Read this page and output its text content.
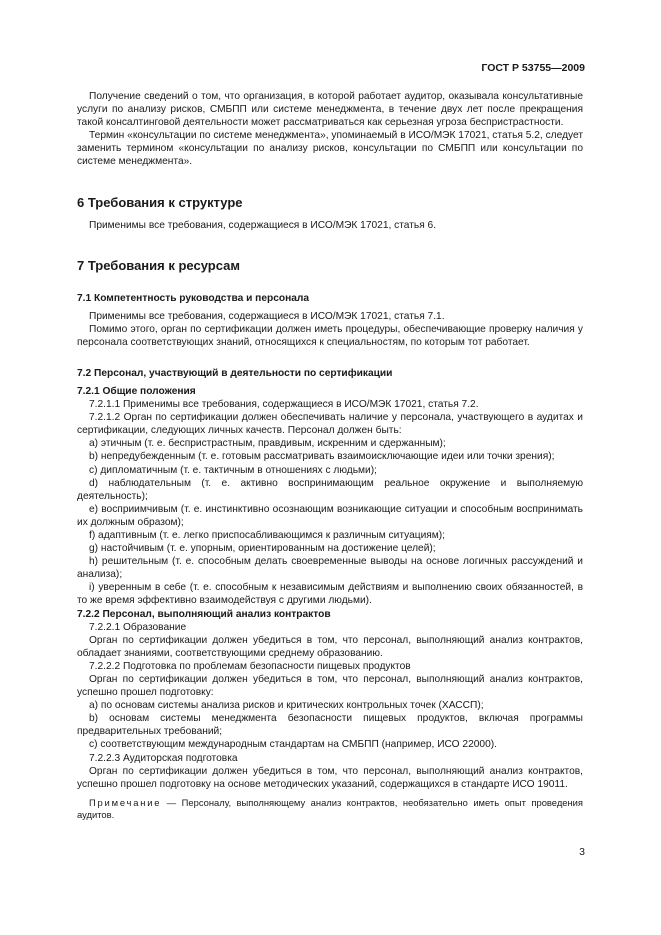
ГОСТ Р 53755—2009

Получение сведений о том, что организация, в которой работает аудитор, оказывала консультативные услуги по анализу рисков, СМБПП или системе менеджмента, в течение двух лет после прекращения такой консалтинговой деятельности может рассматриваться как серьезная угроза беспристрастности.

Термин «консультации по системе менеджмента», упоминаемый в ИСО/МЭК 17021, статья 5.2, следует заменить термином «консультации по анализу рисков, консультации по СМБПП или консультации по системе менеджмента».

6 Требования к структуре

Применимы все требования, содержащиеся в ИСО/МЭК 17021, статья 6.

7 Требования к ресурсам
7.1 Компетентность руководства и персонала

Применимы все требования, содержащиеся в ИСО/МЭК 17021, статья 7.1.

Помимо этого, орган по сертификации должен иметь процедуры, обеспечивающие проверку наличия у персонала соответствующих знаний, относящихся к специальностям, по которым тот работает.

7.2 Персонал, участвующий в деятельности по сертификации

7.2.1 Общие положения

7.2.1.1 Применимы все требования, содержащиеся в ИСО/МЭК 17021, статья 7.2.

7.2.1.2 Орган по сертификации должен обеспечивать наличие у персонала, участвующего в аудитах и сертификации, следующих личных качеств. Персонал должен быть:

a) этичным (т. е. беспристрастным, правдивым, искренним и сдержанным);

b) непредубежденным (т. е. готовым рассматривать взаимоисключающие идеи или точки зрения);

c) дипломатичным (т. е. тактичным в отношениях с людьми);

d) наблюдательным (т. е. активно воспринимающим реальное окружение и выполняемую деятельность);

e) восприимчивым (т. е. инстинктивно осознающим возникающие ситуации и способным воспринимать их должным образом);

f) адаптивным (т. е. легко приспосабливающимся к различным ситуациям);

g) настойчивым (т. е. упорным, ориентированным на достижение целей);

h) решительным (т. е. способным делать своевременные выводы на основе логичных рассуждений и анализа);

i) уверенным в себе (т. е. способным к независимым действиям и выполнению своих обязанностей, в то же время эффективно взаимодействуя с другими людьми).

7.2.2 Персонал, выполняющий анализ контрактов

7.2.2.1 Образование

Орган по сертификации должен убедиться в том, что персонал, выполняющий анализ контрактов, обладает знаниями, соответствующими среднему образованию.

7.2.2.2 Подготовка по проблемам безопасности пищевых продуктов

Орган по сертификации должен убедиться в том, что персонал, выполняющий анализ контрактов, успешно прошел подготовку:

a) по основам системы анализа рисков и критических контрольных точек (ХАССП);

b) основам системы менеджмента безопасности пищевых продуктов, включая программы предварительных требований;

c) соответствующим международным стандартам на СМБПП (например, ИСО 22000).

7.2.2.3 Аудиторская подготовка

Орган по сертификации должен убедиться в том, что персонал, выполняющий анализ контрактов, успешно прошел подготовку на основе методических указаний, содержащихся в стандарте ИСО 19011.

Примечание — Персоналу, выполняющему анализ контрактов, необязательно иметь опыт проведения аудитов.

3
